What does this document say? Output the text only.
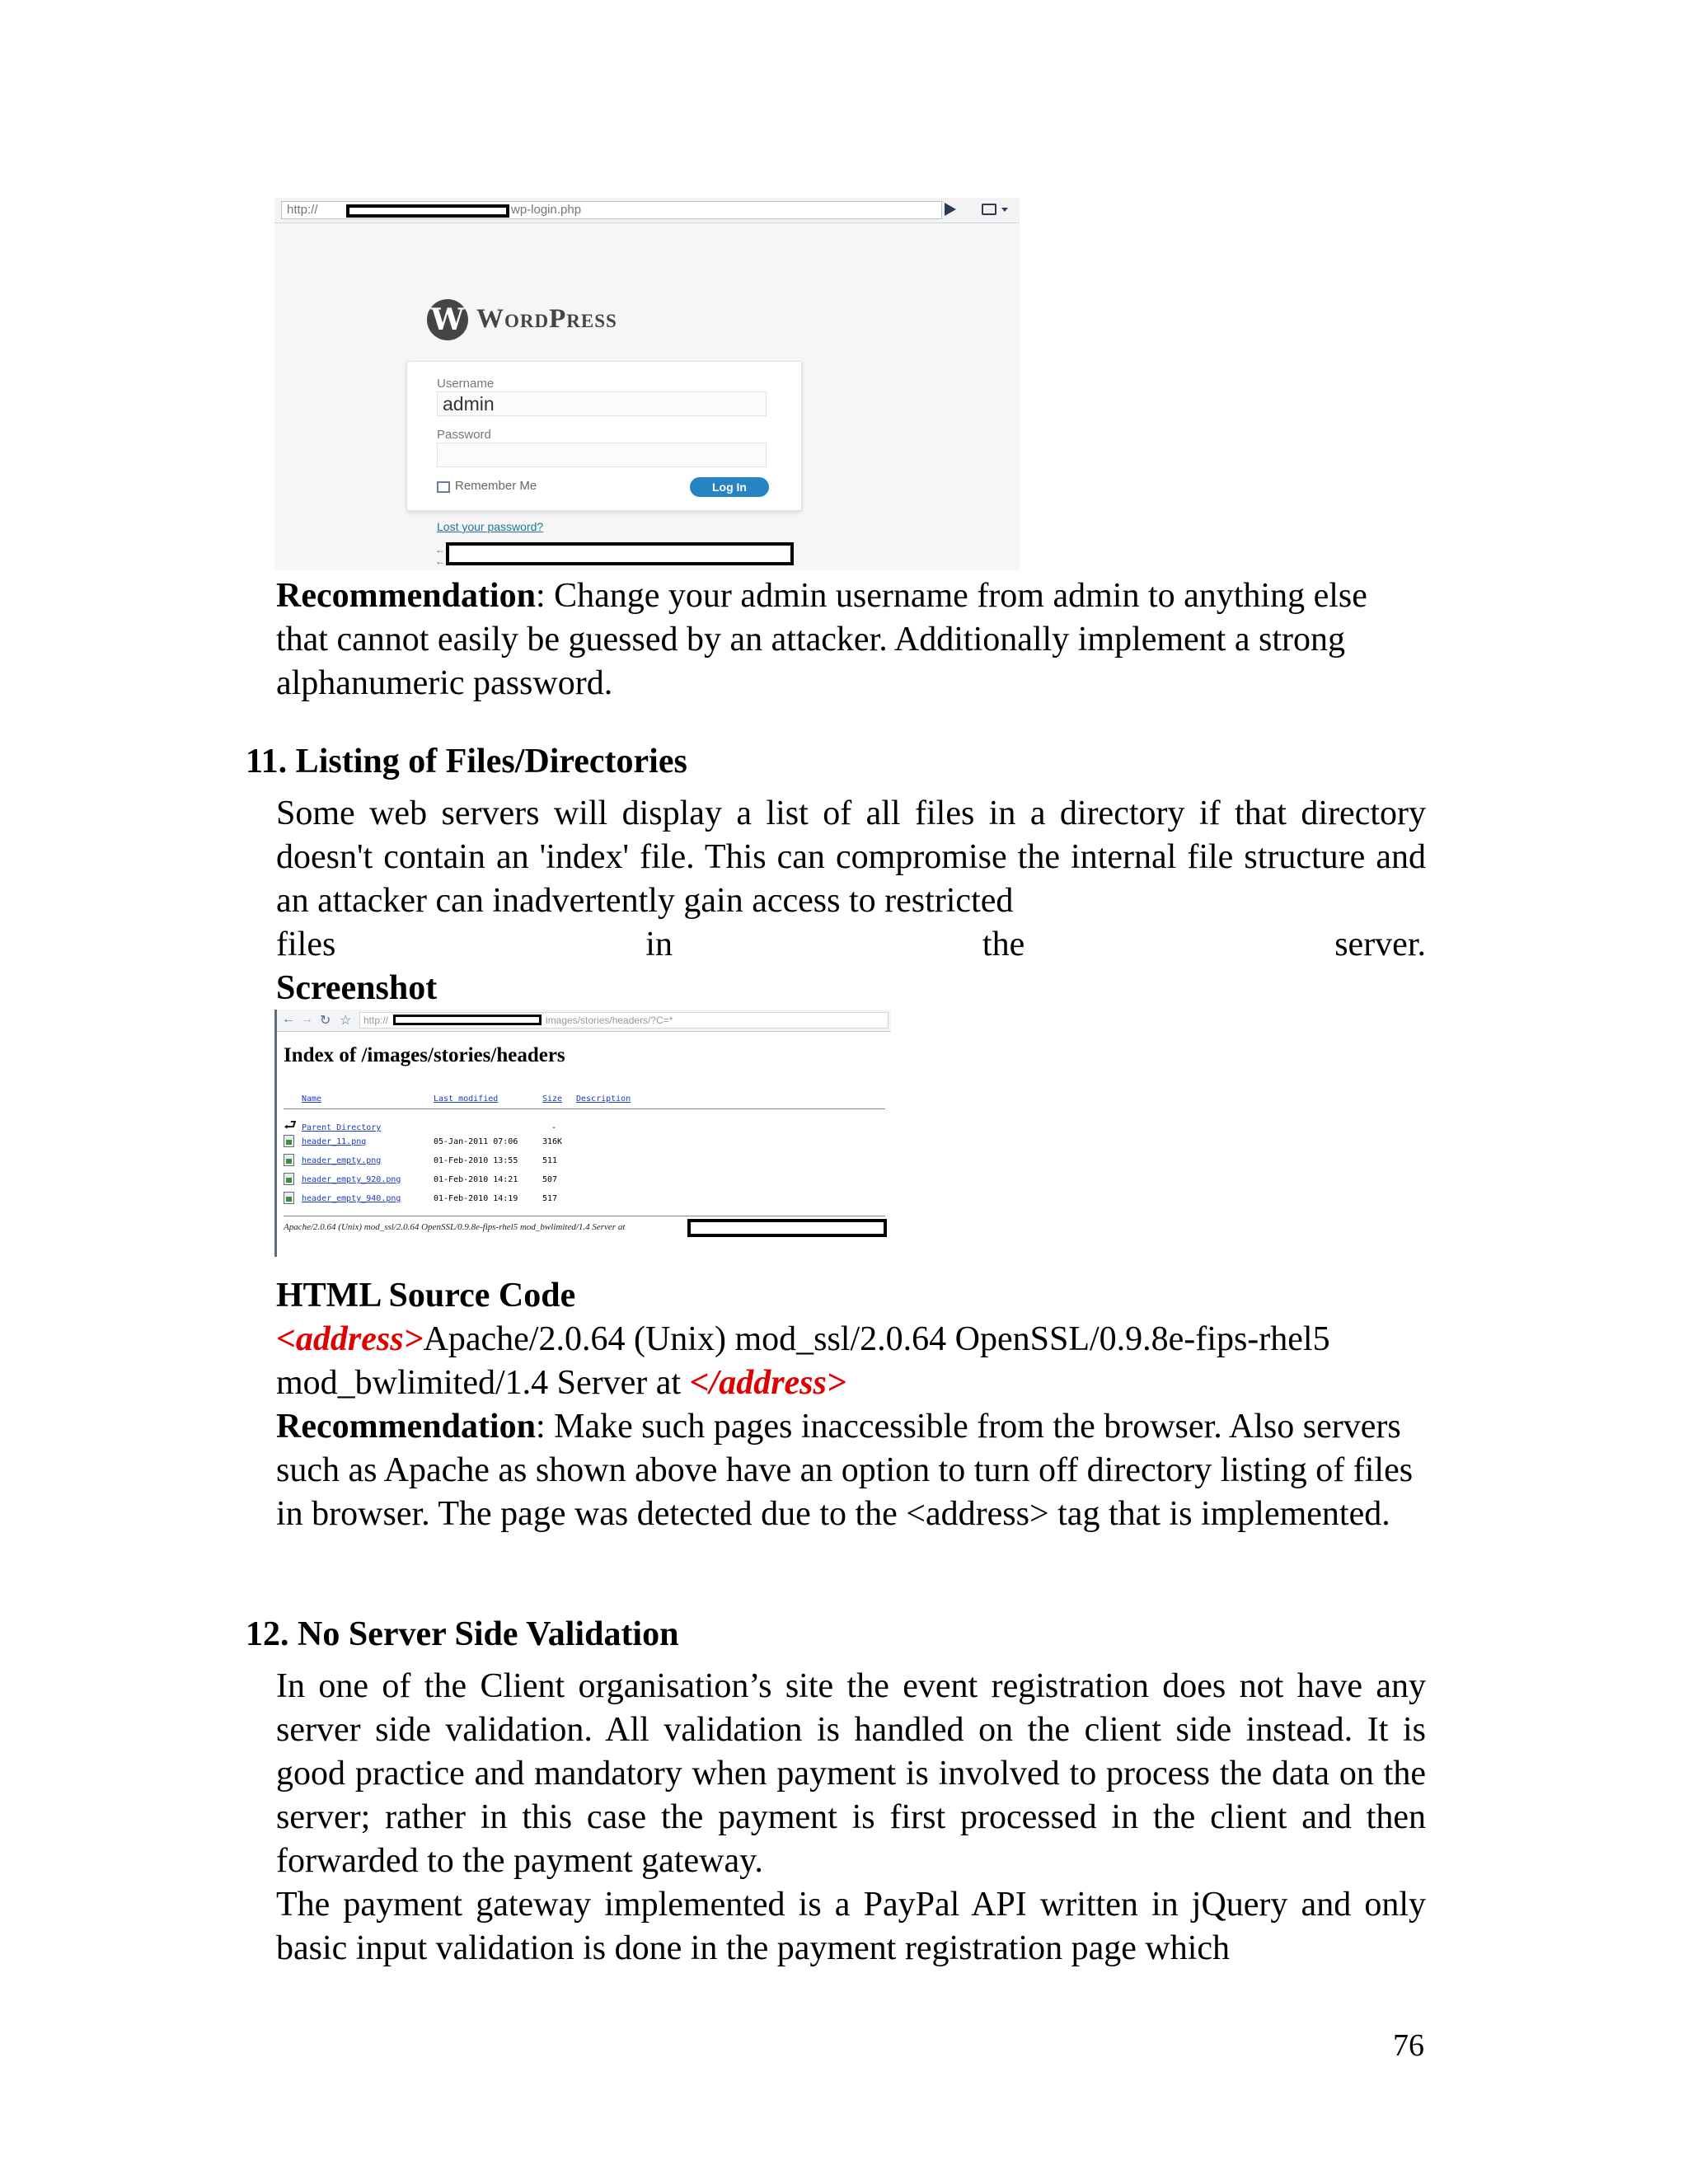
http://	wp-login.php
W WordPress
Username
admin
Password
Remember Me	Log In
Lost your password?
←
←

Recommendation: Change your admin username from admin to anything else that cannot easily be guessed by an attacker. Additionally implement a strong alphanumeric password.

11. Listing of Files/Directories

Some web servers will display a list of all files in a directory if that directory doesn't contain an 'index' file. This can compromise the internal file structure and an attacker can inadvertently gain access to restricted

files	in	the	server.
Screenshot
← → ↻ ☆ http://	images/stories/headers/?C=*
Index of /images/stories/headers
Name	Last modified	Size Description
⮐ Parent Directory	-
header_11.png	05-Jan-2011 07:06	316K
header_empty.png	01-Feb-2010 13:55	511
header_empty_920.png	01-Feb-2010 14:21	507
header_empty_940.png	01-Feb-2010 14:19	517
Apache/2.0.64 (Unix) mod_ssl/2.0.64 OpenSSL/0.9.8e-fips-rhel5 mod_bwlimited/1.4 Server at
HTML Source Code

<address>Apache/2.0.64 (Unix) mod_ssl/2.0.64 OpenSSL/0.9.8e-fips-rhel5 mod_bwlimited/1.4 Server at </address>

Recommendation: Make such pages inaccessible from the browser. Also servers such as Apache as shown above have an option to turn off directory listing of files in browser. The page was detected due to the <address> tag that is implemented.

12. No Server Side Validation

In one of the Client organisation’s site the event registration does not have any server side validation. All validation is handled on the client side instead. It is good practice and mandatory when payment is involved to process the data on the server; rather in this case the payment is first processed in the client and then forwarded to the payment gateway.

The payment gateway implemented is a PayPal API written in jQuery and only basic input validation is done in the payment registration page which

76
